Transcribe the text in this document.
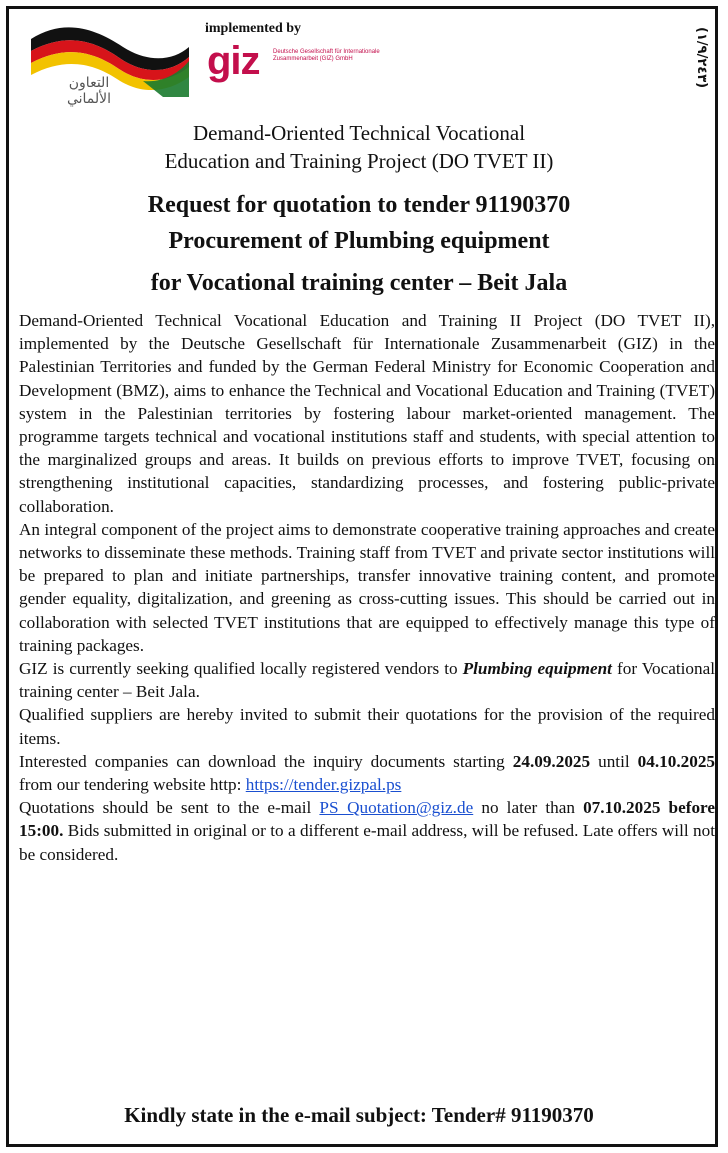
التعاون الألماني
implemented by
giz Deutsche Gesellschaft für Internationale Zusammenarbeit (GIZ) GmbH
(١/٩/٢٤٣)
Demand-Oriented Technical Vocational
Education and Training Project (DO TVET II)
Request for quotation to tender 91190370
Procurement of Plumbing equipment
for Vocational training center – Beit Jala

Demand-Oriented Technical Vocational Education and Training II Project (DO TVET II), implemented by the Deutsche Gesellschaft für Internationale Zusammenarbeit (GIZ) in the Palestinian Territories and funded by the German Federal Ministry for Economic Cooperation and Development (BMZ), aims to enhance the Technical and Vocational Education and Training (TVET) system in the Palestinian territories by fostering labour market-oriented management. The programme targets technical and vocational institutions staff and students, with special attention to the marginalized groups and areas. It builds on previous efforts to improve TVET, focusing on strengthening institutional capacities, standardizing processes, and fostering public-private collaboration.

An integral component of the project aims to demonstrate cooperative training approaches and create networks to disseminate these methods. Training staff from TVET and private sector institutions will be prepared to plan and initiate partnerships, transfer innovative training content, and promote gender equality, digitalization, and greening as cross-cutting issues. This should be carried out in collaboration with selected TVET institutions that are equipped to effectively manage this type of training packages.

GIZ is currently seeking qualified locally registered vendors to Plumbing equipment for Vocational training center – Beit Jala.

Qualified suppliers are hereby invited to submit their quotations for the provision of the required items.

Interested companies can download the inquiry documents starting 24.09.2025 until 04.10.2025 from our tendering website http: https://tender.gizpal.ps

Quotations should be sent to the e-mail PS_Quotation@giz.de no later than 07.10.2025 before 15:00. Bids submitted in original or to a different e-mail address, will be refused. Late offers will not be considered.

Kindly state in the e-mail subject: Tender# 91190370
